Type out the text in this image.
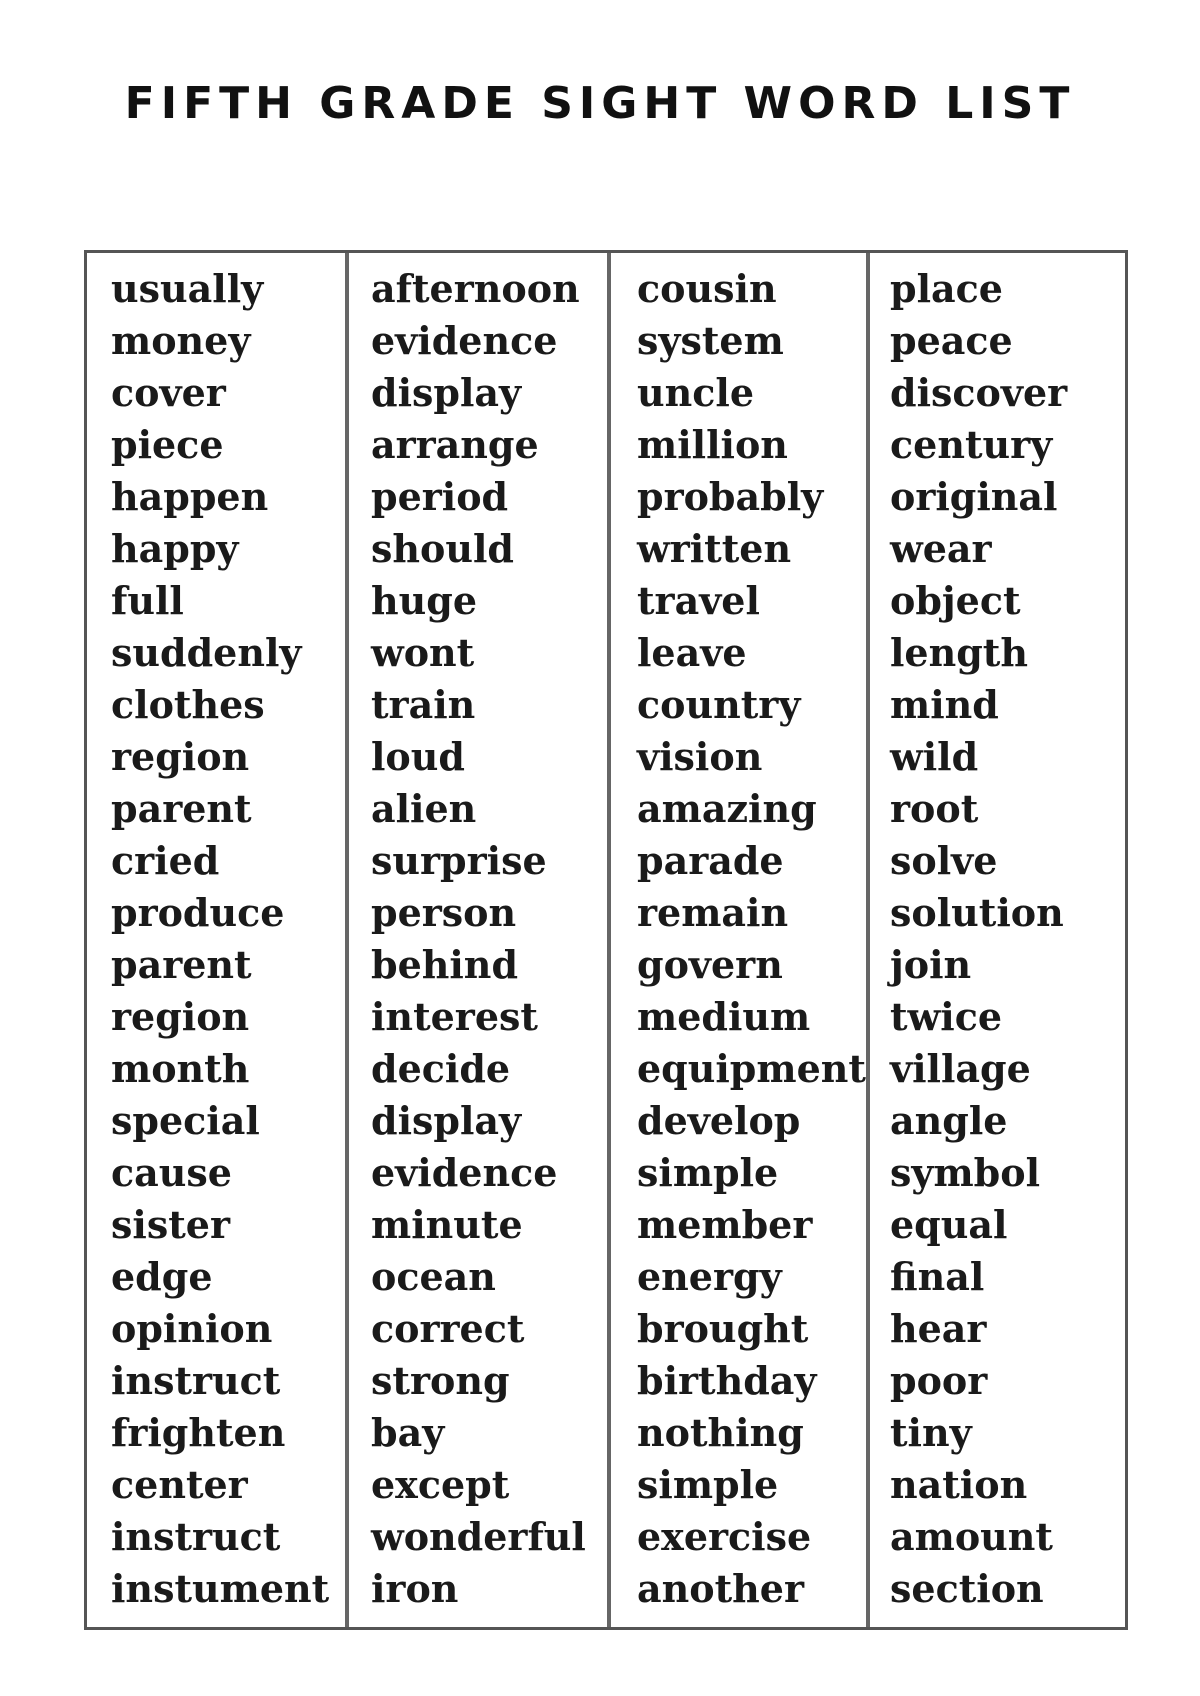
FIFTH GRADE SIGHT WORD LIST
usually
money
cover
piece
happen
happy
full
suddenly
clothes
region
parent
cried
produce
parent
region
month
special
cause
sister
edge
opinion
instruct
frighten
center
instruct
instument
afternoon
evidence
display
arrange
period
should
huge
wont
train
loud
alien
surprise
person
behind
interest
decide
display
evidence
minute
ocean
correct
strong
bay
except
wonderful
iron
cousin
system
uncle
million
probably
written
travel
leave
country
vision
amazing
parade
remain
govern
medium
equipment
develop
simple
member
energy
brought
birthday
nothing
simple
exercise
another
place
peace
discover
century
original
wear
object
length
mind
wild
root
solve
solution
join
twice
village
angle
symbol
equal
final
hear
poor
tiny
nation
amount
section
